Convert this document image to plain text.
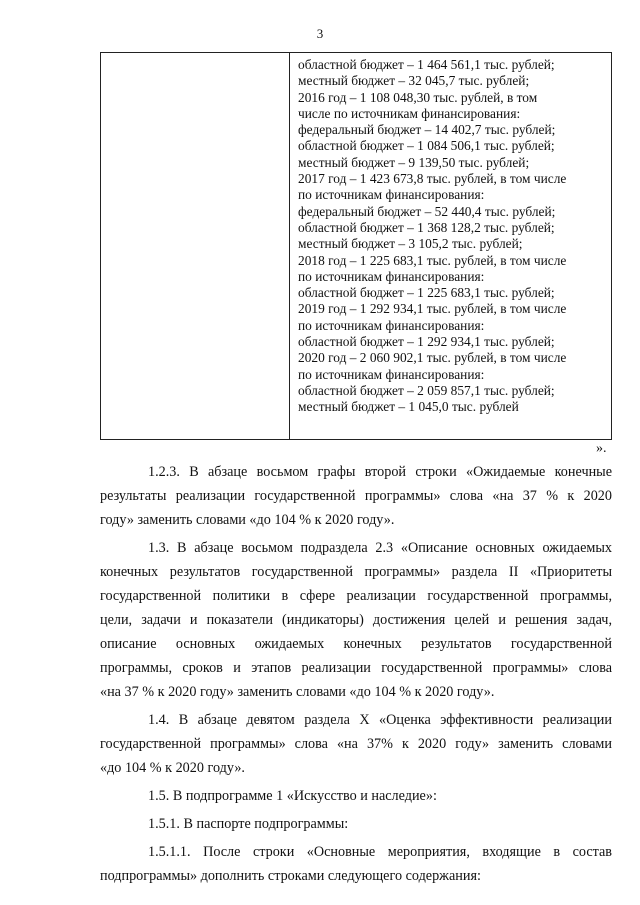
3
областной бюджет – 1 464 561,1 тыс. рублей;
местный бюджет – 32 045,7 тыс. рублей;
2016 год – 1 108 048,30 тыс. рублей, в том
числе по источникам финансирования:
федеральный бюджет – 14 402,7 тыс. рублей;
областной бюджет – 1 084 506,1 тыс. рублей;
местный бюджет – 9 139,50 тыс. рублей;
2017 год – 1 423 673,8 тыс. рублей, в том числе
по источникам финансирования:
федеральный бюджет – 52 440,4 тыс. рублей;
областной бюджет – 1 368 128,2 тыс. рублей;
местный бюджет – 3 105,2 тыс. рублей;
2018 год – 1 225 683,1 тыс. рублей, в том числе
по источникам финансирования:
областной бюджет – 1 225 683,1 тыс. рублей;
2019 год – 1 292 934,1 тыс. рублей, в том числе
по источникам финансирования:
областной бюджет – 1 292 934,1 тыс. рублей;
2020 год – 2 060 902,1 тыс. рублей, в том числе
по источникам финансирования:
областной бюджет – 2 059 857,1 тыс. рублей;
местный бюджет – 1 045,0 тыс. рублей
».
1.2.3. В абзаце восьмом графы второй строки «Ожидаемые конечные
результаты реализации государственной программы» слова «на 37 % к 2020
году» заменить словами «до 104 % к 2020 году».
1.3. В абзаце восьмом подраздела 2.3 «Описание основных ожидаемых
конечных результатов государственной программы» раздела II «Приоритеты
государственной политики в сфере реализации государственной программы,
цели, задачи и показатели (индикаторы) достижения целей и решения задач,
описание основных ожидаемых конечных результатов государственной
программы, сроков и этапов реализации государственной программы» слова
«на 37 % к 2020 году» заменить словами «до 104 % к 2020 году».
1.4. В абзаце девятом раздела X «Оценка эффективности реализации
государственной программы» слова «на 37% к 2020 году» заменить словами
«до 104 % к 2020 году».
1.5. В подпрограмме 1 «Искусство и наследие»:
1.5.1. В паспорте подпрограммы:
1.5.1.1. После строки «Основные мероприятия, входящие в состав
подпрограммы» дополнить строками следующего содержания:
